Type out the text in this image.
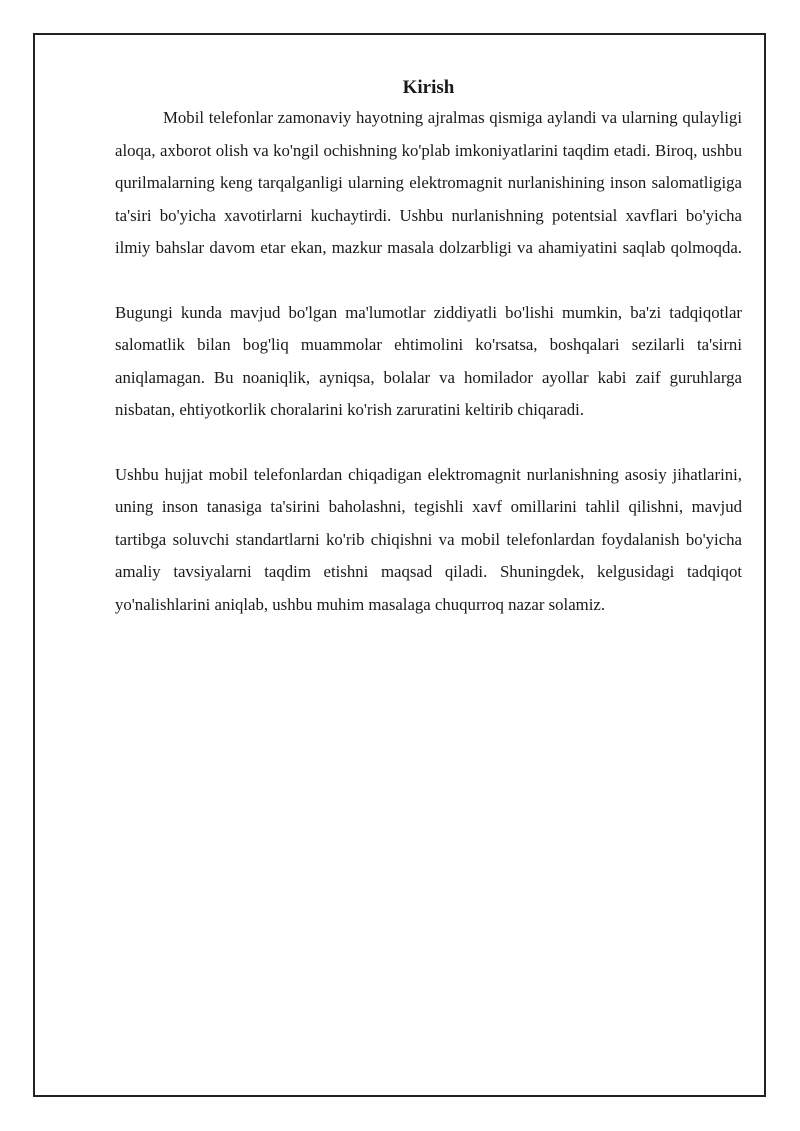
Kirish

Mobil telefonlar zamonaviy hayotning ajralmas qismiga aylandi va ularning qulayligi aloqa, axborot olish va ko'ngil ochishning ko'plab imkoniyatlarini taqdim etadi. Biroq, ushbu qurilmalarning keng tarqalganligi ularning elektromagnit nurlanishining inson salomatligiga ta'siri bo'yicha xavotirlarni kuchaytirdi. Ushbu nurlanishning potentsial xavflari bo'yicha ilmiy bahslar davom etar ekan, mazkur masala dolzarbligi va ahamiyatini saqlab qolmoqda.

Bugungi kunda mavjud bo'lgan ma'lumotlar ziddiyatli bo'lishi mumkin, ba'zi tadqiqotlar salomatlik bilan bog'liq muammolar ehtimolini ko'rsatsa, boshqalari sezilarli ta'sirni aniqlamagan. Bu noaniqlik, ayniqsa, bolalar va homilador ayollar kabi zaif guruhlarga nisbatan, ehtiyotkorlik choralarini ko'rish zaruratini keltirib chiqaradi.

Ushbu hujjat mobil telefonlardan chiqadigan elektromagnit nurlanishning asosiy jihatlarini, uning inson tanasiga ta'sirini baholashni, tegishli xavf omillarini tahlil qilishni, mavjud tartibga soluvchi standartlarni ko'rib chiqishni va mobil telefonlardan foydalanish bo'yicha amaliy tavsiyalarni taqdim etishni maqsad qiladi. Shuningdek, kelgusidagi tadqiqot yo'nalishlarini aniqlab, ushbu muhim masalaga chuqurroq nazar solamiz.
